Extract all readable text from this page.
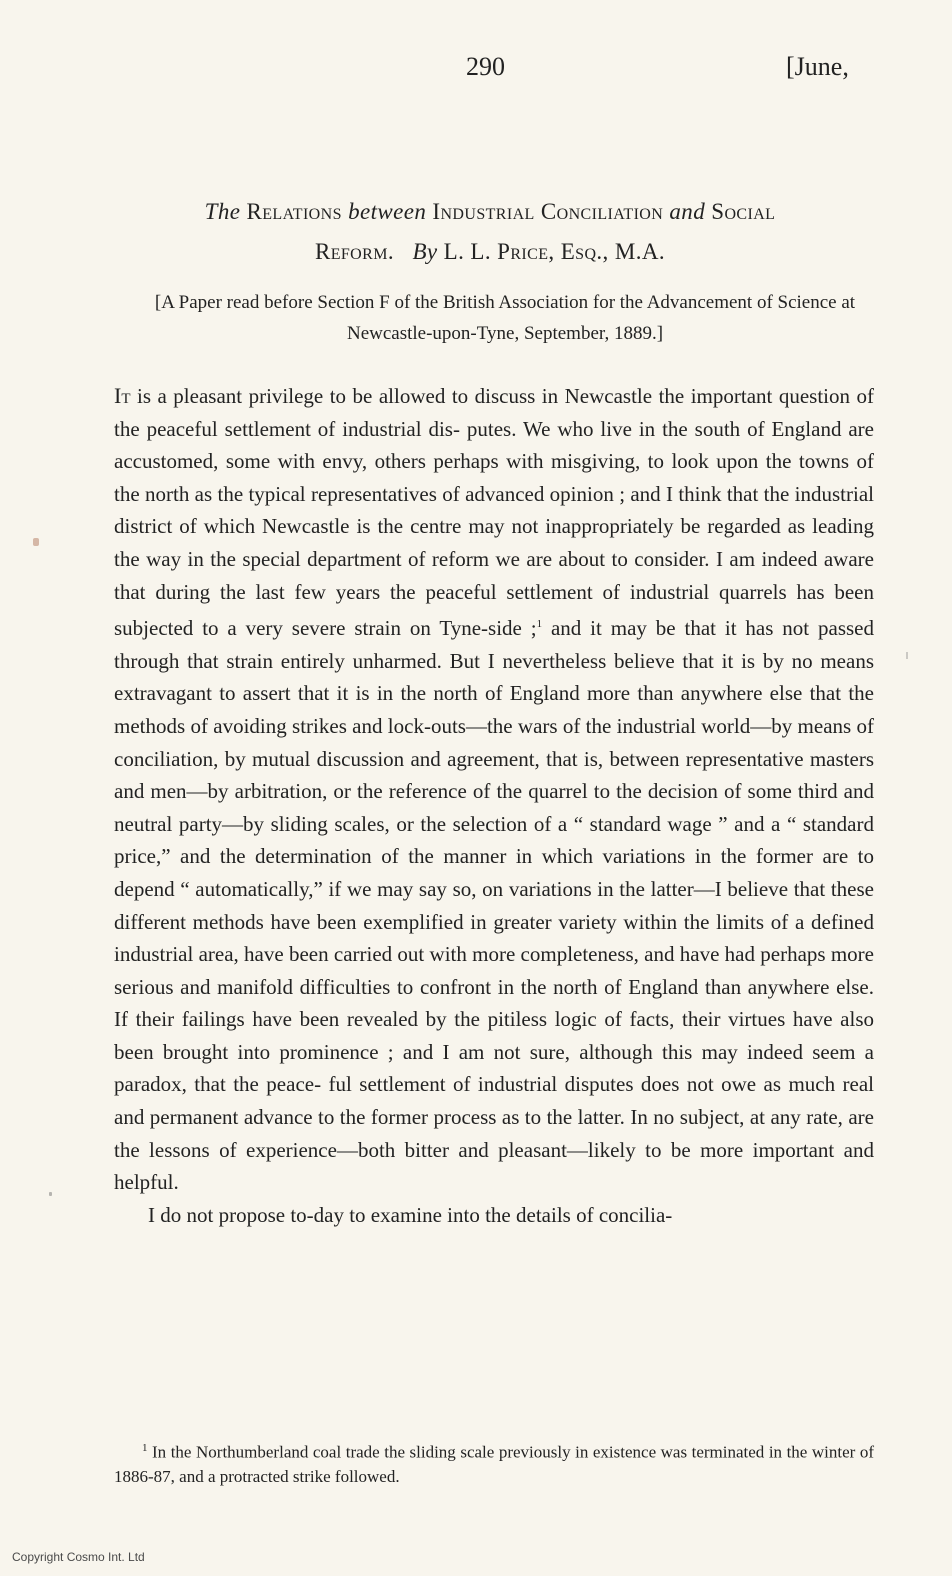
290	[June,
The Relations between Industrial Conciliation and Social
Reform. By L. L. Price, Esq., M.A.
[A Paper read before Section F of the British Association for the Advancement of Science at Newcastle-upon-Tyne, September, 1889.]

It is a pleasant privilege to be allowed to discuss in Newcastle the important question of the peaceful settlement of industrial dis- putes. We who live in the south of England are accustomed, some with envy, others perhaps with misgiving, to look upon the towns of the north as the typical representatives of advanced opinion ; and I think that the industrial district of which Newcastle is the centre may not inappropriately be regarded as leading the way in the special department of reform we are about to consider. I am indeed aware that during the last few years the peaceful settlement of industrial quarrels has been subjected to a very severe strain on Tyne-side ;$^1$ and it may be that it has not passed through that strain entirely unharmed. But I nevertheless believe that it is by no means extravagant to assert that it is in the north of England more than anywhere else that the methods of avoiding strikes and lock-outs—the wars of the industrial world—by means of conciliation, by mutual discussion and agreement, that is, between representative masters and men—by arbitration, or the reference of the quarrel to the decision of some third and neutral party—by sliding scales, or the selection of a “ standard wage ” and a “ standard price,” and the determination of the manner in which variations in the former are to depend “ automatically,” if we may say so, on variations in the latter—I believe that these different methods have been exemplified in greater variety within the limits of a defined industrial area, have been carried out with more completeness, and have had perhaps more serious and manifold difficulties to confront in the north of England than anywhere else. If their failings have been revealed by the pitiless logic of facts, their virtues have also been brought into prominence ; and I am not sure, although this may indeed seem a paradox, that the peace- ful settlement of industrial disputes does not owe as much real and permanent advance to the former process as to the latter. In no subject, at any rate, are the lessons of experience—both bitter and pleasant—likely to be more important and helpful.

I do not propose to-day to examine into the details of concilia-

$^1$ In the Northumberland coal trade the sliding scale previously in existence was terminated in the winter of 1886-87, and a protracted strike followed.
Copyright Cosmo Int. Ltd
